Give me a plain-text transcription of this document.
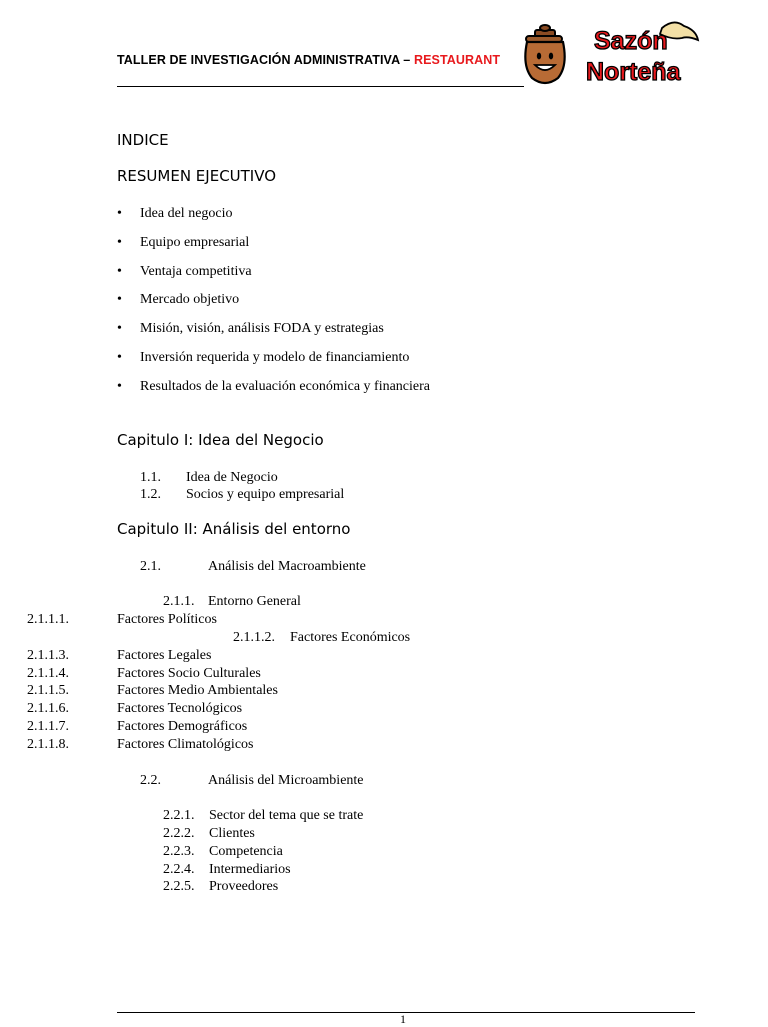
TALLER DE INVESTIGACIÓN ADMINISTRATIVA – RESTAURANT
Sazón
Norteña
INDICE
RESUMEN EJECUTIVO
• Idea del negocio
• Equipo empresarial
• Ventaja competitiva
• Mercado objetivo
• Misión, visión, análisis FODA y estrategias
• Inversión requerida y modelo de financiamiento
• Resultados de la evaluación económica y financiera
Capitulo I: Idea del Negocio
1.1. Idea de Negocio
1.2. Socios y equipo empresarial
Capitulo II: Análisis del entorno
2.1.	Análisis del Macroambiente
2.1.1. Entorno General
2.1.1.1.	Factores Políticos
2.1.1.2. Factores Económicos
2.1.1.3.	Factores Legales
2.1.1.4.	Factores Socio Culturales
2.1.1.5.	Factores Medio Ambientales
2.1.1.6.	Factores Tecnológicos
2.1.1.7.	Factores Demográficos
2.1.1.8.	Factores Climatológicos
2.2.	Análisis del Microambiente
2.2.1. Sector del tema que se trate
2.2.2. Clientes
2.2.3. Competencia
2.2.4. Intermediarios
2.2.5. Proveedores
1
